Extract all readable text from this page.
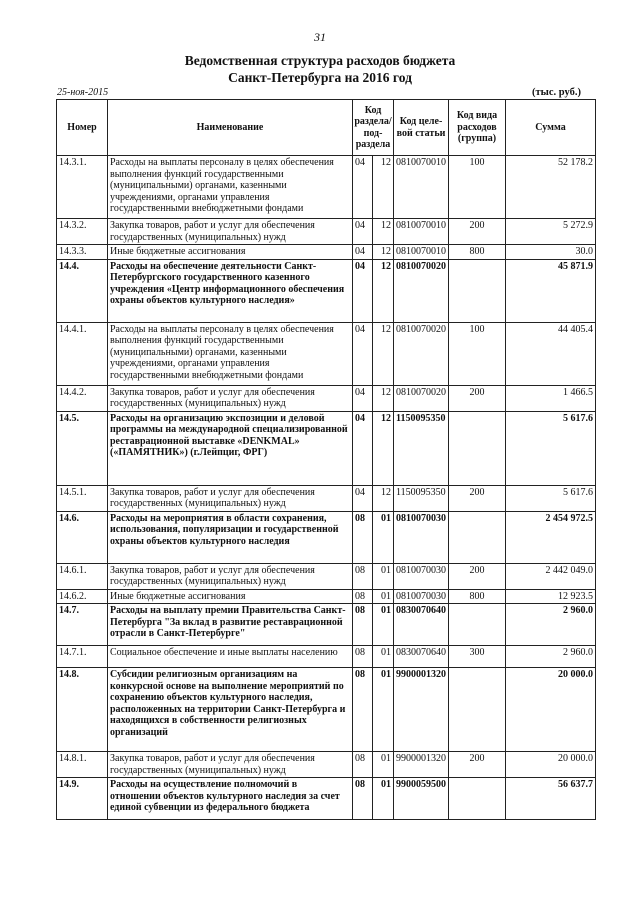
31
Ведомственная структура расходов бюджета
Санкт-Петербурга на 2016 год
25-ноя-2015	(тыс. руб.)
Номер	Наименование	Код раздела/ под- раздела		Код целе- вой статьи	Код вида расходов (группа)	Сумма
14.3.1.	Расходы на выплаты персоналу в целях обеспечения выполнения функций государственными (муниципальными) органами, казенными учреждениями, органами управления государственными внебюджетными фондами	04	12	0810070010	100	52 178.2
14.3.2.	Закупка товаров, работ и услуг для обеспечения государственных (муниципальных) нужд	04	12	0810070010	200	5 272.9
14.3.3.	Иные бюджетные ассигнования	04	12	0810070010	800	30.0
14.4.	Расходы на обеспечение деятельности Санкт-Петербургского государственного казенного учреждения «Центр информационного обеспечения охраны объектов культурного наследия»	04	12	0810070020		45 871.9
14.4.1.	Расходы на выплаты персоналу в целях обеспечения выполнения функций государственными (муниципальными) органами, казенными учреждениями, органами управления государственными внебюджетными фондами	04	12	0810070020	100	44 405.4
14.4.2.	Закупка товаров, работ и услуг для обеспечения государственных (муниципальных) нужд	04	12	0810070020	200	1 466.5
14.5.	Расходы на организацию экспозиции и деловой программы на международной специализированной реставрационной выставке «DENKMAL» («ПАМЯТНИК») (г.Лейпциг, ФРГ)	04	12	1150095350		5 617.6
14.5.1.	Закупка товаров, работ и услуг для обеспечения государственных (муниципальных) нужд	04	12	1150095350	200	5 617.6
14.6.	Расходы на мероприятия в области сохранения, использования, популяризации и государственной охраны объектов культурного наследия	08	01	0810070030		2 454 972.5
14.6.1.	Закупка товаров, работ и услуг для обеспечения государственных (муниципальных) нужд	08	01	0810070030	200	2 442 049.0
14.6.2.	Иные бюджетные ассигнования	08	01	0810070030	800	12 923.5
14.7.	Расходы на выплату премии Правительства Санкт-Петербурга "За вклад в развитие реставрационной отрасли в Санкт-Петербурге"	08	01	0830070640		2 960.0
14.7.1.	Социальное обеспечение и иные выплаты населению	08	01	0830070640	300	2 960.0
14.8.	Субсидии религиозным организациям на конкурсной основе на выполнение мероприятий по сохранению объектов культурного наследия, расположенных на территории Санкт-Петербурга и находящихся в собственности религиозных организаций	08	01	9900001320		20 000.0
14.8.1.	Закупка товаров, работ и услуг для обеспечения государственных (муниципальных) нужд	08	01	9900001320	200	20 000.0
14.9.	Расходы на осуществление полномочий в отношении объектов культурного наследия за счет единой субвенции из федерального бюджета	08	01	9900059500		56 637.7
